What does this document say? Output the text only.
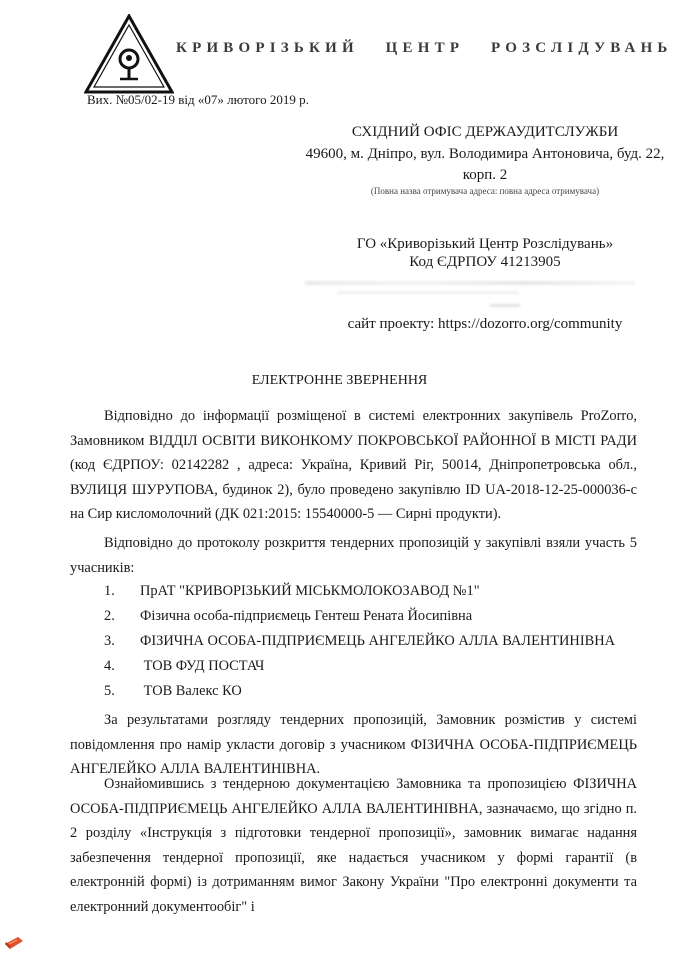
КРИВОРІЗЬКИЙ   ЦЕНТР   РОЗСЛІДУВАНЬ
Вих. №05/02-19 від «07» лютого 2019 р.
СХІДНИЙ ОФІС ДЕРЖАУДИТСЛУЖБИ
49600, м. Дніпро, вул. Володимира Антоновича, буд. 22,
корп. 2
(Повна назва отримувача адреса: повна адреса отримувача)
ГО «Криворізький Центр Розслідувань»
Код ЄДРПОУ 41213905
сайт проекту: https://dozorro.org/community
ЕЛЕКТРОННЕ ЗВЕРНЕННЯ
Відповідно до інформації розміщеної в системі електронних закупівель ProZorro, Замовником ВІДДІЛ ОСВІТИ ВИКОНКОМУ ПОКРОВСЬКОЇ РАЙОННОЇ В МІСТІ РАДИ (код ЄДРПОУ: 02142282 , адреса: Україна, Кривий Ріг, 50014, Дніпропетровська обл., ВУЛИЦЯ ШУРУПОВА, будинок 2), було проведено закупівлю ID UA-2018-12-25-000036-c на Сир кисломолочний (ДК 021:2015: 15540000-5 — Сирні продукти).
Відповідно до протоколу розкриття тендерних пропозицій у закупівлі взяли участь 5 учасників:
1. ПрАТ "КРИВОРІЗЬКИЙ МІСЬКМОЛОКОЗАВОД №1"
2. Фізична особа-підприємець Гентеш Рената Йосипівна
3. ФІЗИЧНА ОСОБА-ПІДПРИЄМЕЦЬ АНГЕЛЕЙКО АЛЛА ВАЛЕНТИНІВНА
4. ТОВ ФУД ПОСТАЧ
5. ТОВ Валекс КО
За результатами розгляду тендерних пропозицій, Замовник розмістив у системі повідомлення про намір укласти договір з учасником ФІЗИЧНА ОСОБА-ПІДПРИЄМЕЦЬ АНГЕЛЕЙКО АЛЛА ВАЛЕНТИНІВНА.
Ознайомившись з тендерною документацією Замовника та пропозицією ФІЗИЧНА ОСОБА-ПІДПРИЄМЕЦЬ АНГЕЛЕЙКО АЛЛА ВАЛЕНТИНІВНА, зазначаємо, що згідно п. 2 розділу «Інструкція з підготовки тендерної пропозиції», замовник вимагає надання забезпечення тендерної пропозиції, яке надається учасником у формі гарантії (в електронній формі) із дотриманням вимог Закону України "Про електронні документи та електронний документообіг" і
